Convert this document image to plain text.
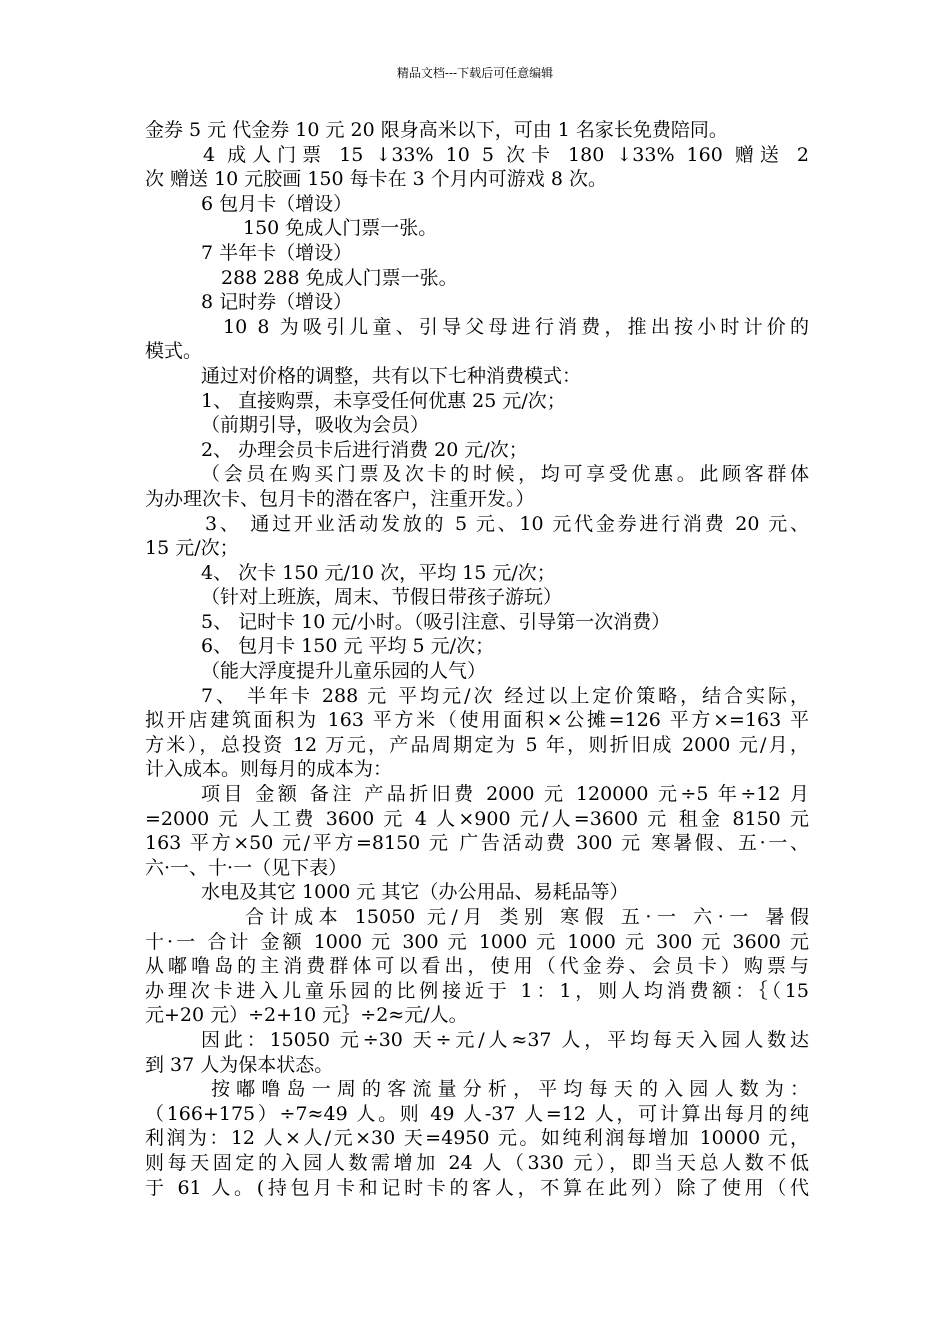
精品文档---下载后可任意编辑
金券 5 元 代金券 10 元 20 限身高米以下，可由 1 名家长免费陪同。
4 成人门票 15 ↓33% 10 5 次卡 180 ↓33% 160 赠送 2
次 赠送 10 元胶画 150 每卡在 3 个月内可游戏 8 次。
6 包月卡（增设）
150 免成人门票一张。
7 半年卡（增设）
288 288 免成人门票一张。
8 记时券（增设）
10 8 为吸引儿童、引导父母进行消费，推出按小时计价的
模式。
通过对价格的调整，共有以下七种消费模式：
1、 直接购票，未享受任何优惠 25 元/次；
（前期引导，吸收为会员）
2、 办理会员卡后进行消费 20 元/次；
（会员在购买门票及次卡的时候，均可享受优惠。此顾客群体
为办理次卡、包月卡的潜在客户，注重开发。）
3、 通过开业活动发放的 5 元、10 元代金券进行消费 20 元、
15 元/次；
4、 次卡 150 元/10 次，平均 15 元/次；
（针对上班族，周末、节假日带孩子游玩）
5、 记时卡 10 元/小时。（吸引注意、引导第一次消费）
6、 包月卡 150 元 平均 5 元/次；
（能大浮度提升儿童乐园的人气）
7、 半年卡 288 元 平均元/次 经过以上定价策略，结合实际，
拟开店建筑面积为 163 平方米（使用面积×公摊=126 平方×=163 平
方米），总投资 12 万元，产品周期定为 5 年，则折旧成 2000 元/月，
计入成本。则每月的成本为：
项目 金额 备注 产品折旧费 2000 元 120000 元÷5 年÷12 月
=2000 元 人工费 3600 元 4 人×900 元/人=3600 元 租金 8150 元
163 平方×50 元/平方=8150 元 广告活动费 300 元 寒暑假、五·一、
六·一、十·一（见下表）
水电及其它 1000 元 其它（办公用品、易耗品等）
合计成本 15050 元/月 类别 寒假 五·一 六·一 暑假
十·一 合计 金额 1000 元 300 元 1000 元 1000 元 300 元 3600 元
从嘟噜岛的主消费群体可以看出，使用（代金券、会员卡）购票与
办理次卡进入儿童乐园的比例接近于 1：1，则人均消费额：｛（15
元+20 元）÷2+10 元｝÷2≈元/人。
因此：15050 元÷30 天÷元/人≈37 人，平均每天入园人数达
到 37 人为保本状态。
按嘟噜岛一周的客流量分析，平均每天的入园人数为：
（166+175）÷7≈49 人。则 49 人-37 人=12 人，可计算出每月的纯
利润为：12 人×人/元×30 天=4950 元。如纯利润每增加 10000 元，
则每天固定的入园人数需增加 24 人（330 元），即当天总人数不低
于 61 人。(持包月卡和记时卡的客人，不算在此列）除了使用（代
